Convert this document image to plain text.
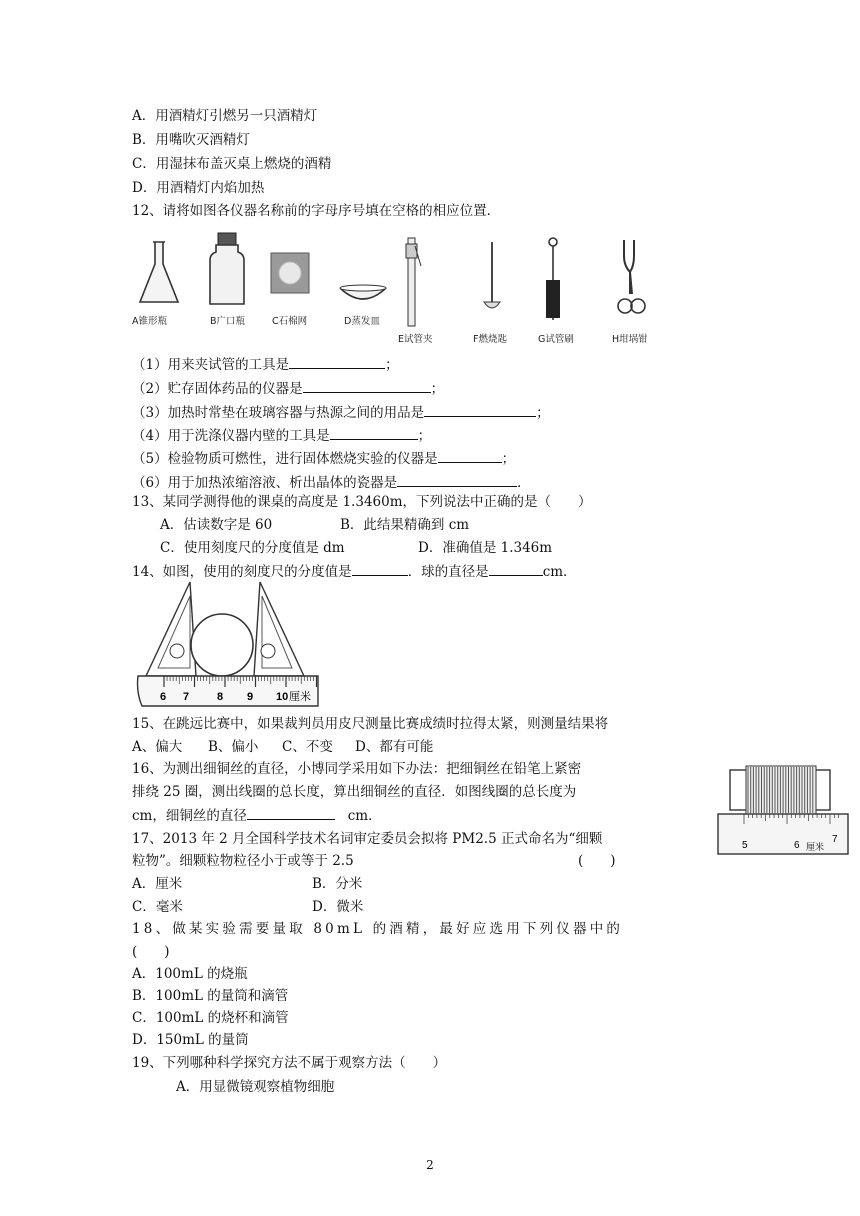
A．用酒精灯引燃另一只酒精灯
B．用嘴吹灭酒精灯
C．用湿抹布盖灭桌上燃烧的酒精
D．用酒精灯内焰加热
12、请将如图各仪器名称前的字母序号填在空格的相应位置．
A锥形瓶	B广口瓶	C石棉网	D蒸发皿
E试管夹	F燃烧匙	G试管刷	H坩埚钳
（1）用来夹试管的工具是	；
（2）贮存固体药品的仪器是	；
（3）加热时常垫在玻璃容器与热源之间的用品是	；
（4）用于洗涤仪器内壁的工具是	；
（5）检验物质可燃性，进行固体燃烧实验的仪器是	；
（6）用于加热浓缩溶液、析出晶体的瓷器是	．
13、某同学测得他的课桌的高度是 1.3460m，下列说法中正确的是（　　）
A．估读数字是 60	B．此结果精确到 cm
C．使用刻度尺的分度值是 dm	D．准确值是 1.346m
14、如图，使用的刻度尺的分度值是	．球的直径是	cm．
6 7	8 9 10 厘米
15、在跳远比赛中，如果裁判员用皮尺测量比赛成绩时拉得太紧，则测量结果将
A、偏大 B、偏小 C、不变 D、都有可能
16、为测出细铜丝的直径，小博同学采用如下办法：把细铜丝在铅笔上紧密
排绕 25 圈，测出线圈的总长度，算出细铜丝的直径．如图线圈的总长度为
cm，细铜丝的直径	cm．
5	6
7
厘米
17、2013 年 2 月全国科学技术名词审定委员会拟将 PM2.5 正式命名为“细颗
粒物”。细颗粒物粒径小于或等于 2.5	(　　)
A．厘米	B．分米
C．毫米	D．微米
18、做某实验需要量取 80mL 的酒精，最好应选用下列仪器中的
(　　)
A．100mL 的烧瓶
B．100mL 的量筒和滴管
C．100mL 的烧杯和滴管
D．150mL 的量筒
19、下列哪种科学探究方法不属于观察方法（　　）
A．用显微镜观察植物细胞
2
